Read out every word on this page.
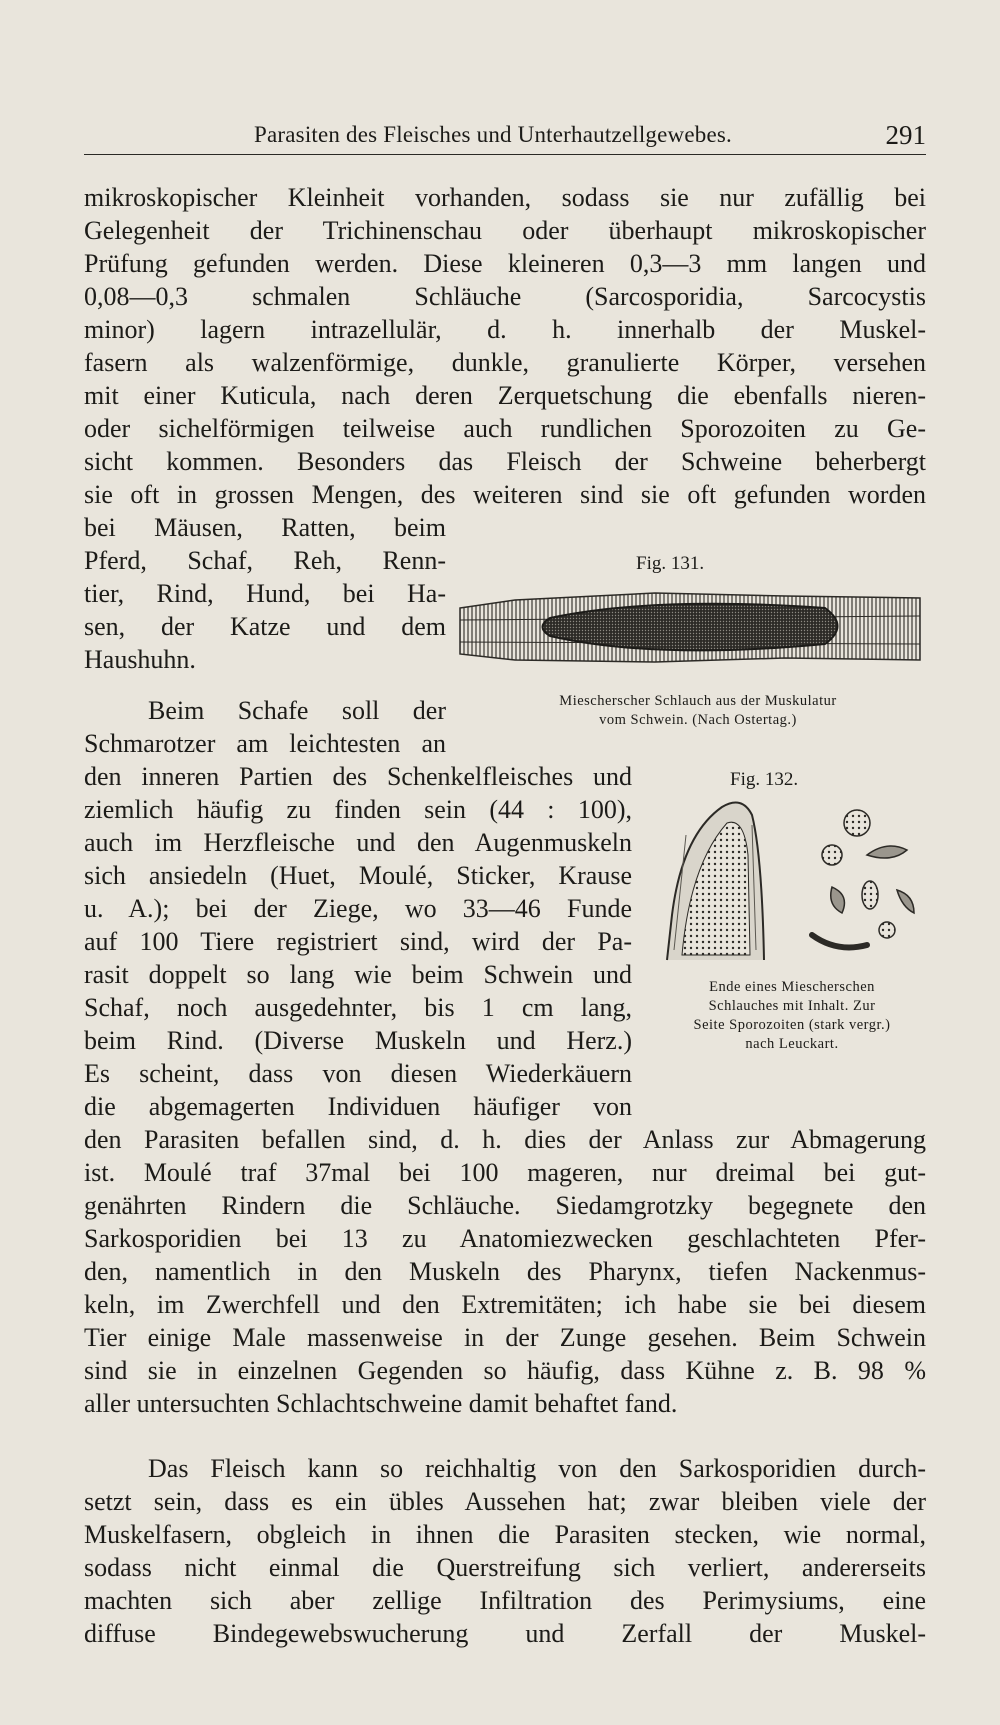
Parasiten des Fleisches und Unterhautzellgewebes.	291
mikroskopischer Kleinheit vorhanden, sodass sie nur zufällig bei
Gelegenheit der Trichinenschau oder überhaupt mikroskopischer
Prüfung gefunden werden. Diese kleineren 0,3—3 mm langen und
0,08—0,3 schmalen Schläuche (Sarcosporidia, Sarcocystis
minor) lagern intrazellulär, d. h. innerhalb der Muskel-
fasern als walzenförmige, dunkle, granulierte Körper, versehen
mit einer Kuticula, nach deren Zerquetschung die ebenfalls nieren-
oder sichelförmigen teilweise auch rundlichen Sporozoiten zu Ge-
sicht kommen. Besonders das Fleisch der Schweine beherbergt
sie oft in grossen Mengen, des weiteren sind sie oft gefunden worden
bei Mäusen, Ratten, beim
Pferd, Schaf, Reh, Renn-
tier, Rind, Hund, bei Ha-
sen, der Katze und dem
Haushuhn.
Beim Schafe soll der
Schmarotzer am leichtesten an
den inneren Partien des Schenkelfleisches und
ziemlich häufig zu finden sein (44 : 100),
auch im Herzfleische und den Augenmuskeln
sich ansiedeln (Huet, Moulé, Sticker, Krause
u. A.); bei der Ziege, wo 33—46 Funde
auf 100 Tiere registriert sind, wird der Pa-
rasit doppelt so lang wie beim Schwein und
Schaf, noch ausgedehnter, bis 1 cm lang,
beim Rind. (Diverse Muskeln und Herz.)
Es scheint, dass von diesen Wiederkäuern
die abgemagerten Individuen häufiger von
den Parasiten befallen sind, d. h. dies der Anlass zur Abmagerung
ist. Moulé traf 37mal bei 100 mageren, nur dreimal bei gut-
genährten Rindern die Schläuche. Siedamgrotzky begegnete den
Sarkosporidien bei 13 zu Anatomiezwecken geschlachteten Pfer-
den, namentlich in den Muskeln des Pharynx, tiefen Nackenmus-
keln, im Zwerchfell und den Extremitäten; ich habe sie bei diesem
Tier einige Male massenweise in der Zunge gesehen. Beim Schwein
sind sie in einzelnen Gegenden so häufig, dass Kühne z. B. 98 %
aller untersuchten Schlachtschweine damit behaftet fand.
Das Fleisch kann so reichhaltig von den Sarkosporidien durch-
setzt sein, dass es ein übles Aussehen hat; zwar bleiben viele der
Muskelfasern, obgleich in ihnen die Parasiten stecken, wie normal,
sodass nicht einmal die Querstreifung sich verliert, andererseits
machten sich aber zellige Infiltration des Perimysiums, eine
diffuse Bindegewebswucherung und Zerfall der Muskel-
Fig. 131.
Miescherscher Schlauch aus der Muskulatur
vom Schwein. (Nach Ostertag.)
Fig. 132.
Ende eines Miescherschen
Schlauches mit Inhalt. Zur
Seite Sporozoiten (stark vergr.)
nach Leuckart.
